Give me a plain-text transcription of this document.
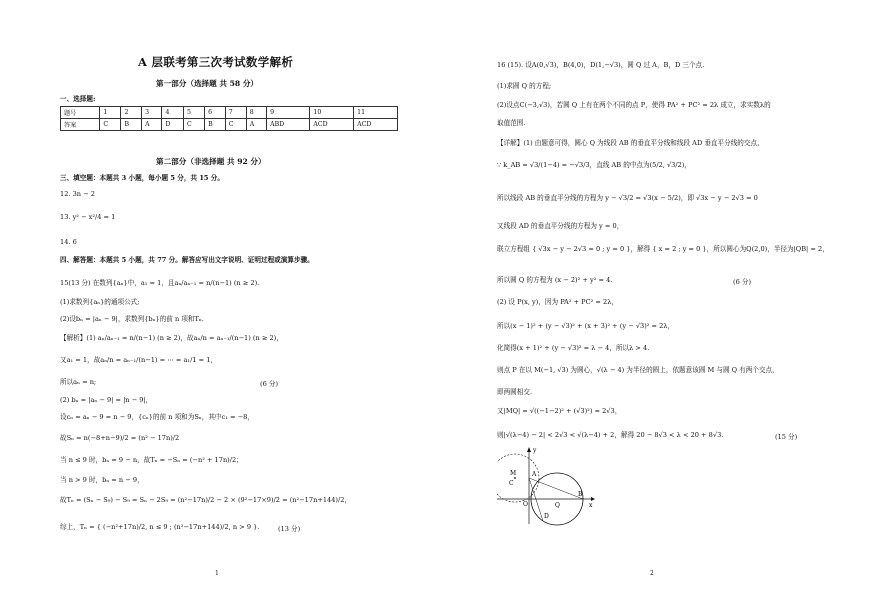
A 层联考第三次考试数学解析
第一部分（选择题 共 58 分）
一、选择题:
题号	1	2	3	4	5	6	7	8	9	10	11
答案	C	B	A	D	C	B	C	A	ABD	ACD	ACD
第二部分（非选择题 共 92 分）
三、填空题：本题共 3 小题，每小题 5 分，共 15 分。
12. 3n − 2
13. y² − x²/4 = 1
14. 6
四、解答题：本题共 5 小题，共 77 分。解答应写出文字说明、证明过程或演算步骤。
15(13 分) 在数列{aₙ}中，a₁ = 1，且aₙ/aₙ₋₁ = n/(n−1) (n ≥ 2).
(1)求数列{aₙ}的通项公式;
(2)设bₙ = |aₙ − 9|，求数列{bₙ}的前 n 项和Tₙ.
【解析】(1) aₙ/aₙ₋₁ = n/(n−1) (n ≥ 2)，故aₙ/n = aₙ₋₁/(n−1) (n ≥ 2)，
又a₁ = 1，故aₙ/n = aₙ₋₁/(n−1) = ⋯ = a₁/1 = 1，
所以aₙ = n;	(6 分)
(2) bₙ = |aₙ − 9| = |n − 9|，
设cₙ = aₙ − 9 = n − 9，{cₙ}的前 n 项和为Sₙ，其中c₁ = −8，
故Sₙ = n(−8+n−9)/2 = (n² − 17n)/2
当 n ≤ 9 时，bₙ = 9 − n，故Tₙ = −Sₙ = (−n² + 17n)/2；
当 n > 9 时，bₙ = n − 9，
故Tₙ = (Sₙ − S₉) − S₉ = Sₙ − 2S₉ = (n²−17n)/2 − 2 × (9²−17×9)/2 = (n²−17n+144)/2，
综上，Tₙ = { (−n²+17n)/2, n ≤ 9 ; (n²−17n+144)/2, n > 9 }.	(13 分)
1
16 (15). 设A(0,√3)，B(4,0)，D(1,−√3)，圆 Q 过 A，B，D 三个点.
(1)求圆 Q 的方程;
(2)设点C(−3,√3)，若圆 Q 上有在两个不同的点 P，使得 PA² + PC² = 2λ 成立，求实数λ的
取值范围.
【详解】(1) 由题意可得，圆心 Q 为线段 AB 的垂直平分线和线段 AD 垂直平分线的交点，
∵ k_AB = √3/(1−4) = −√3/3，直线 AB 的中点为(5/2, √3/2)，
所以线段 AB 的垂直平分线的方程为 y − √3/2 = √3(x − 5/2)，即 √3x − y − 2√3 = 0
又线段 AD 的垂直平分线的方程为 y = 0，
联立方程组 { √3x − y − 2√3 = 0 ; y = 0 }，解得 { x = 2 ; y = 0 }，所以圆心为Q(2,0)，半径为|QB| = 2，
所以圆 Q 的方程为 (x − 2)² + y² = 4.	(6 分)
(2) 设 P(x, y)，因为 PA² + PC² = 2λ，
所以(x − 1)² + (y − √3)² + (x + 3)² + (y − √3)² = 2λ，
化简得(x + 1)² + (y − √3)² = λ − 4，所以λ > 4.
则点 P 在以 M(−1, √3) 为圆心，√(λ − 4) 为半径的圆上，依题意该圆 M 与圆 Q 有两个交点，
即两圆相交.
又|MQ| = √((−1−2)² + (√3)²) = 2√3，
则|√(λ−4) − 2| < 2√3 < √(λ−4) + 2，解得 20 − 8√3 < λ < 20 + 8√3.	(15 分)
y
x
M	A
B
O	Q
D
C
2
